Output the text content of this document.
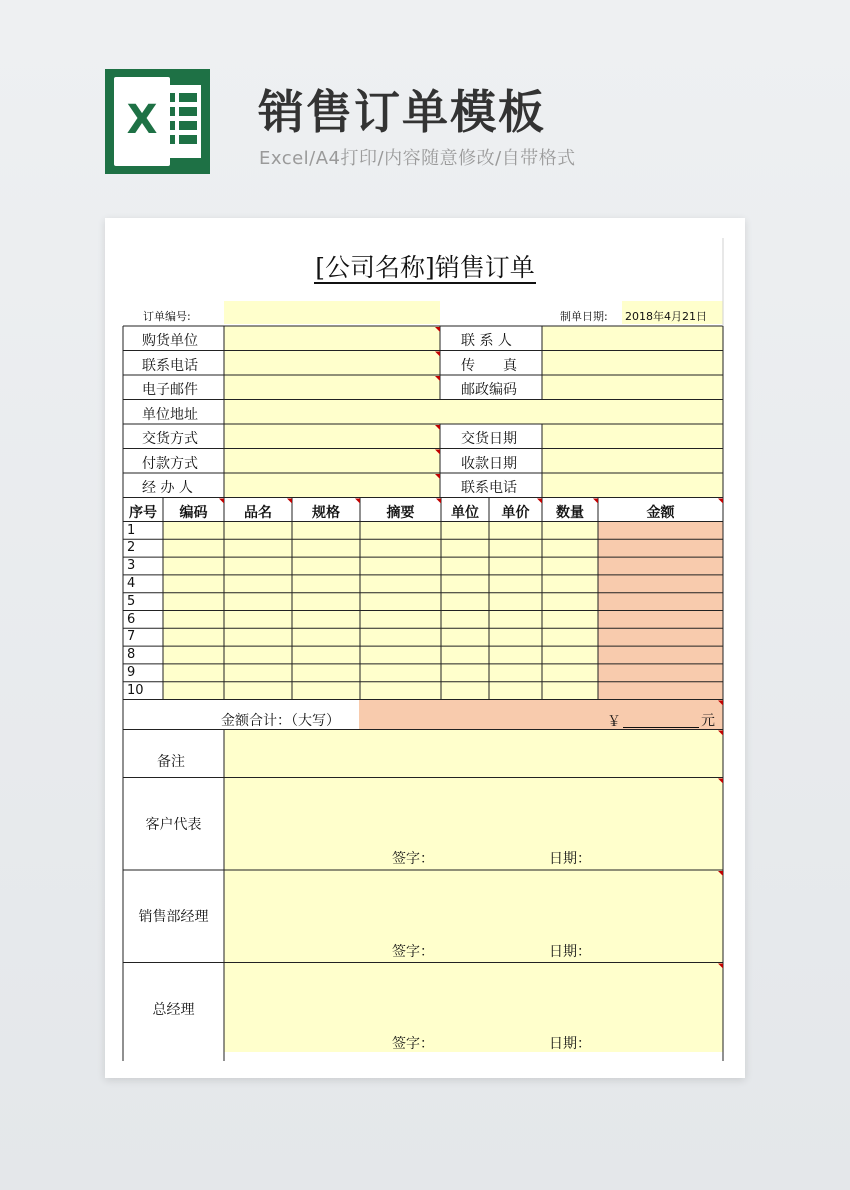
X 销售订单模板
Excel/A4打印/内容随意修改/自带格式
[公司名称]销售订单
订单编号:	制单日期: 2018年4月21日
购货单位	联 系 人
联系电话	传　　真
电子邮件	邮政编码
单位地址
交货方式	交货日期
付款方式	收款日期
经 办 人	联系电话
序号	编码	品名	规格	摘要	单位	单价	数量	金额
1
2
3
4
5
6
7
8
9
10
金额合计：（大写）	￥	元
备注
客户代表
签字：	日期：
销售部经理
签字：	日期：
总经理
签字：	日期：
